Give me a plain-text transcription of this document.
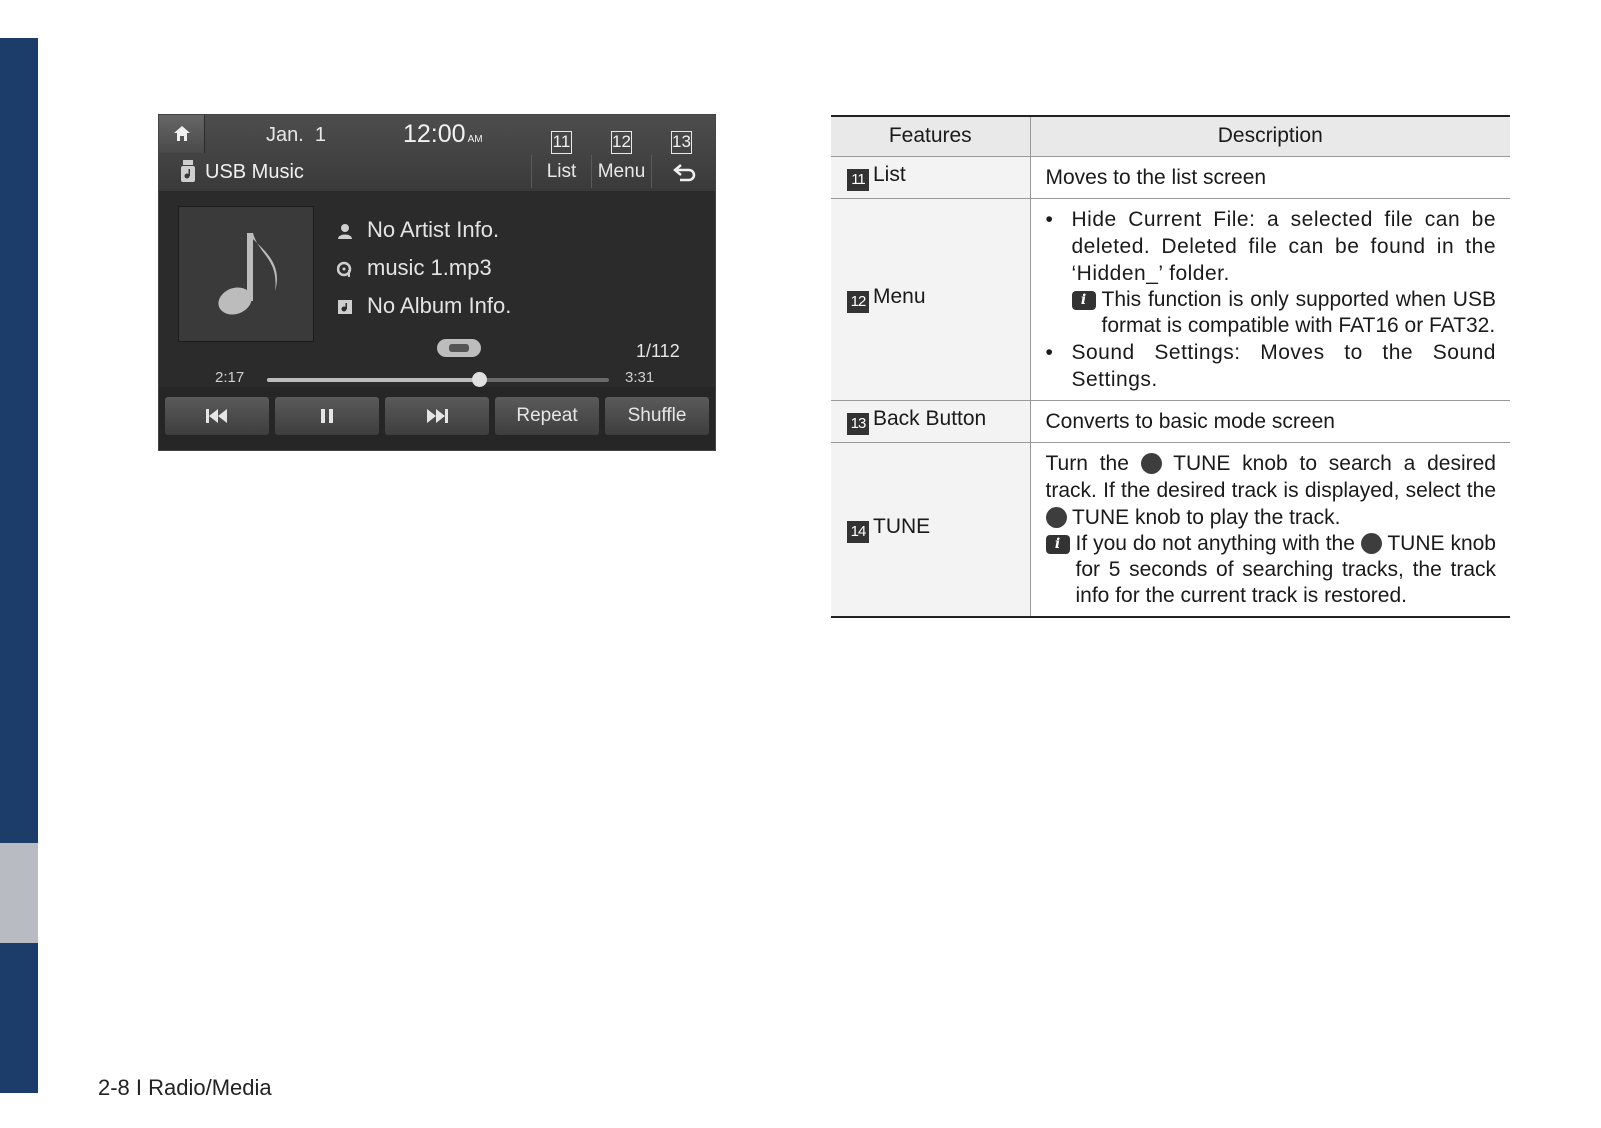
Jan.  1	12:00 AM	11 12 13
USB Music	List	Menu
No Artist Info.
music 1.mp3
No Album Info.
1/112
2:17	3:31
Repeat	Shuffle
Features	Description
11 List	Moves to the list screen
12 Menu	• Hide Current File: a selected file can be deleted. Deleted file can be found in the ‘Hidden_’ folder.
i This function is only supported when USB format is compatible with FAT16 or FAT32.
• Sound Settings: Moves to the Sound Settings.

13 Back Button	Converts to basic mode screen
14 TUNE	Turn the TUNE knob to search a desired track. If the desired track is displayed, select the  TUNE knob to play the track.
i If you do not anything with the TUNE knob for 5 seconds of searching tracks, the track info for the current track is restored.
2-8 I Radio/Media
